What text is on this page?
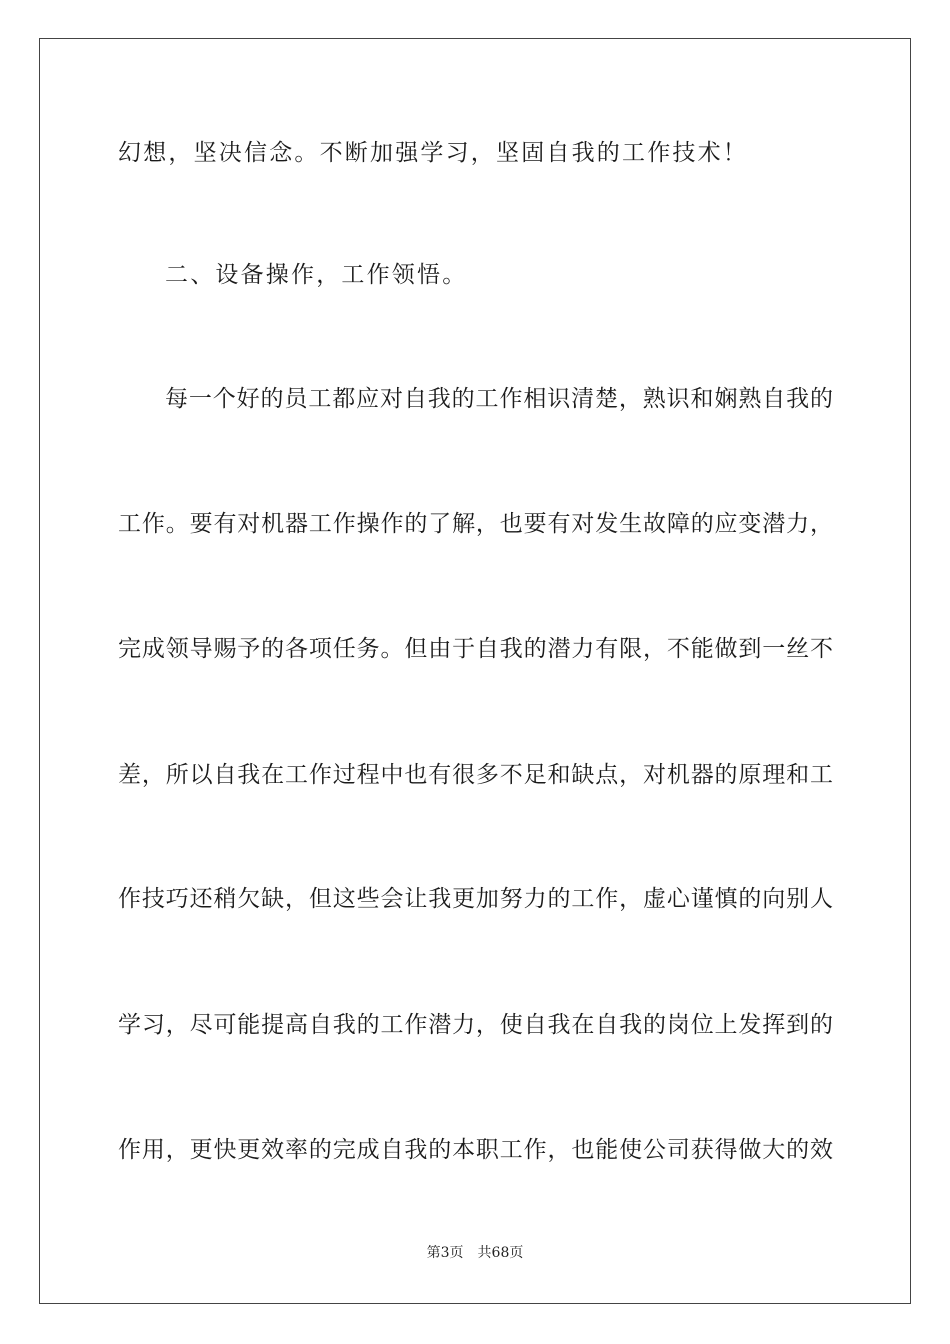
幻想，坚决信念。不断加强学习，坚固自我的工作技术！
二、设备操作，工作领悟。
每一个好的员工都应对自我的工作相识清楚，熟识和娴熟自我的
工作。要有对机器工作操作的了解，也要有对发生故障的应变潜力，
完成领导赐予的各项任务。但由于自我的潜力有限，不能做到一丝不
差，所以自我在工作过程中也有很多不足和缺点，对机器的原理和工
作技巧还稍欠缺，但这些会让我更加努力的工作，虚心谨慎的向别人
学习，尽可能提高自我的工作潜力，使自我在自我的岗位上发挥到的
作用，更快更效率的完成自我的本职工作，也能使公司获得做大的效
第3页 共68页
